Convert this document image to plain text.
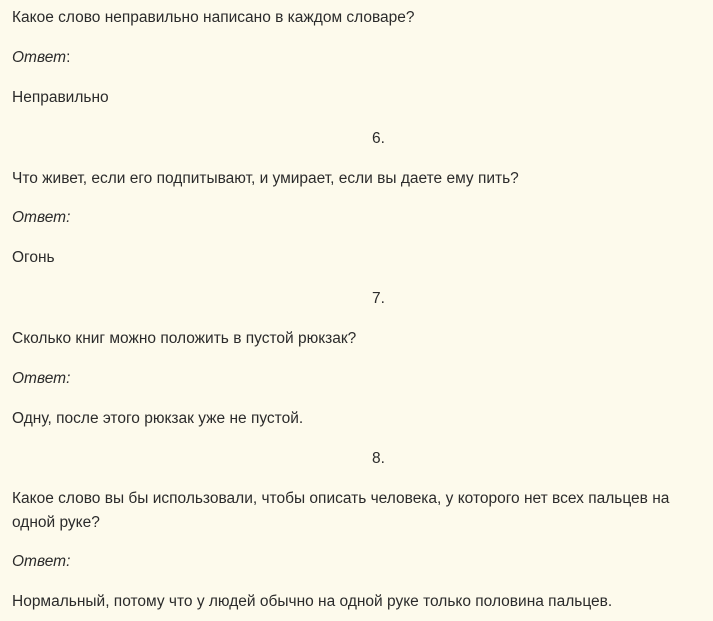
Какое слово неправильно написано в каждом словаре?
Ответ:
Неправильно
6.
Что живет, если его подпитывают, и умирает, если вы даете ему пить?
Ответ:
Огонь
7.
Сколько книг можно положить в пустой рюкзак?
Ответ:
Одну, после этого рюкзак уже не пустой.
8.
Какое слово вы бы использовали, чтобы описать человека, у которого нет всех пальцев на одной руке?
Ответ:
Нормальный, потому что у людей обычно на одной руке только половина пальцев.
